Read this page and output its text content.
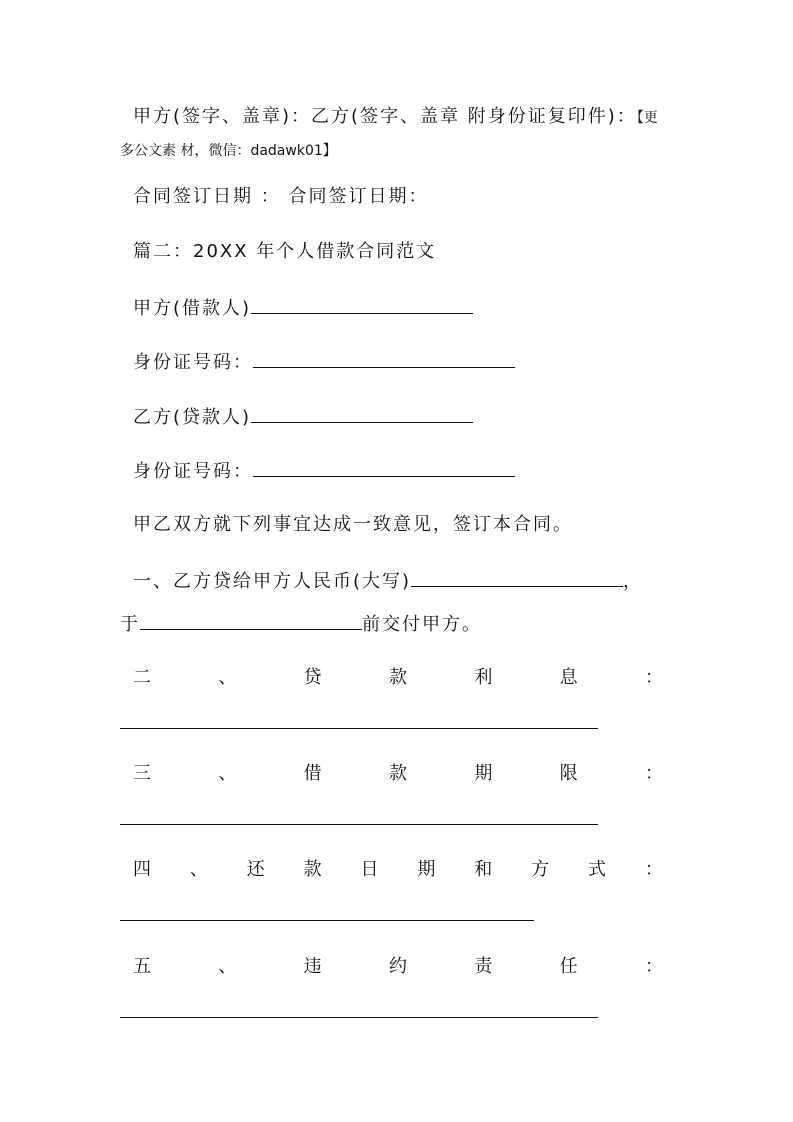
甲方(签字、盖章)：乙方(签字、盖章 附身份证复印件)：【更
多公文素 材，微信：dadawk01】
合同签订日期 ： 合同签订日期：
篇二：20XX 年个人借款合同范文
甲方(借款人)
身份证号码：
乙方(贷款人)
身份证号码：
甲乙双方就下列事宜达成一致意见，签订本合同。
一、乙方贷给甲方人民币(大写)	，
于	前交付甲方。
二	、	贷	款	利	息	：
三	、	借	款	期	限	：
四 、 还 款 日 期 和 方 式 ：
五	、	违	约	责	任	：
